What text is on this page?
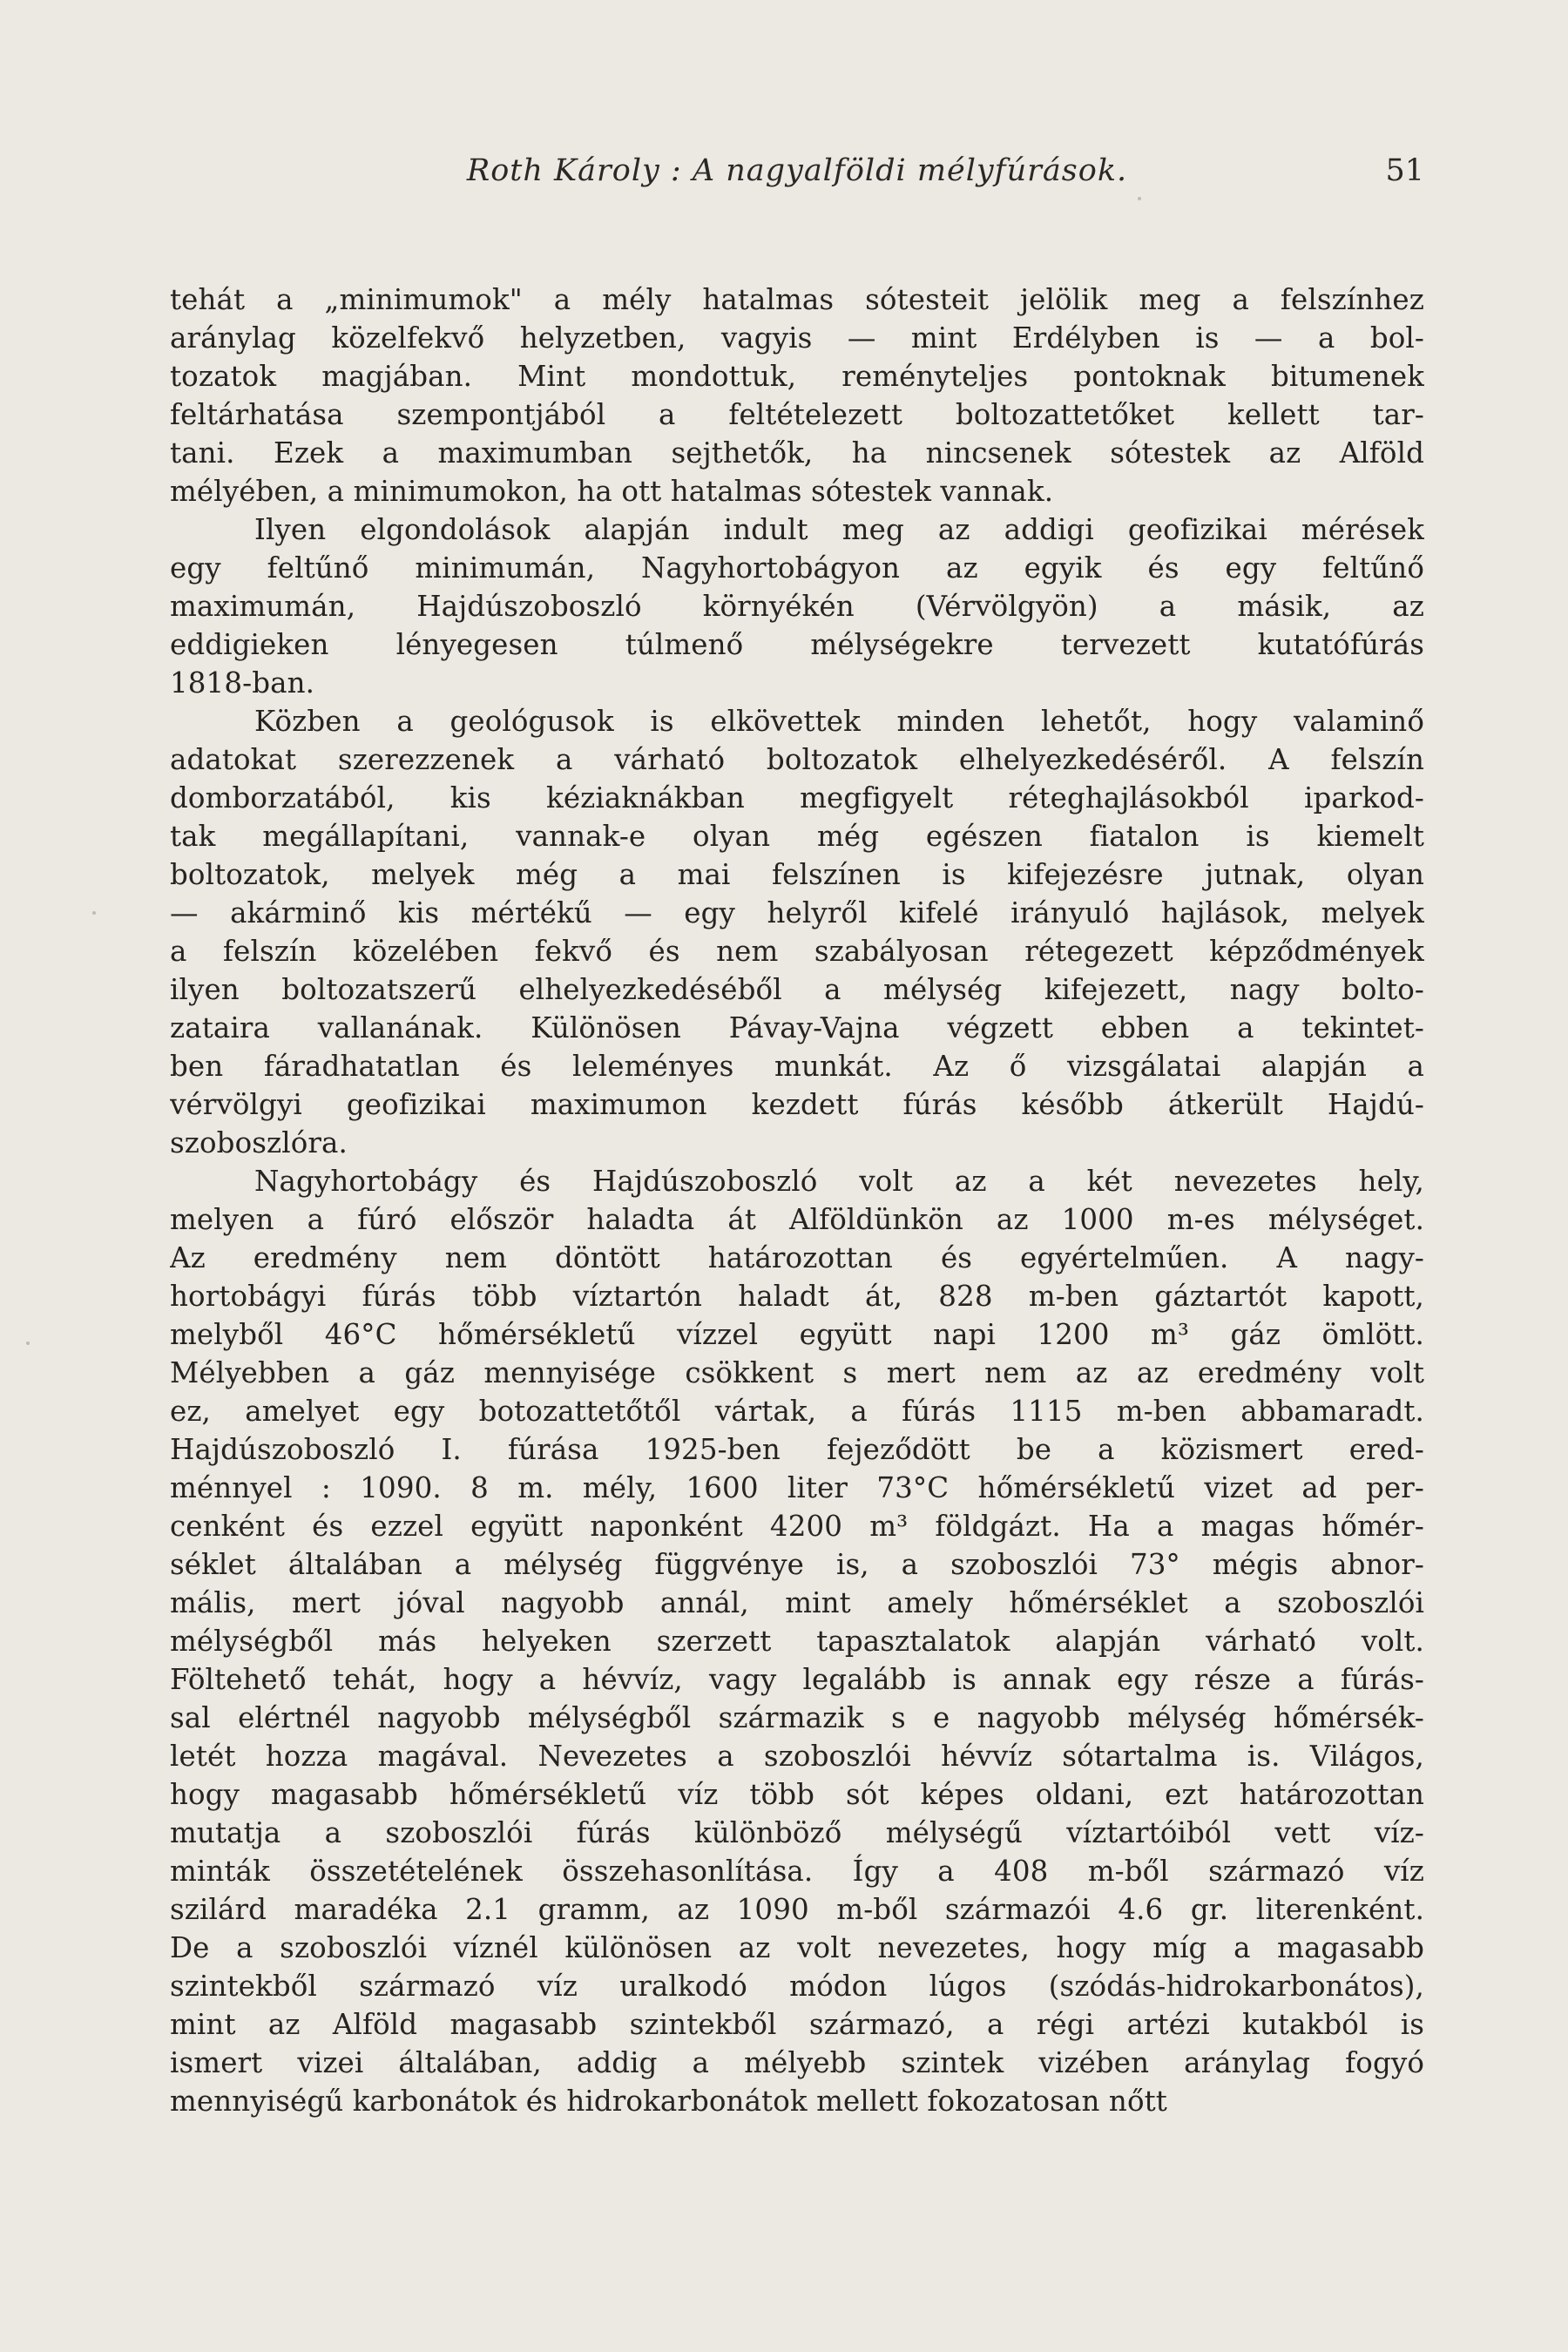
Roth Károly : A nagyalföldi mélyfúrások.	51
tehát a „minimumok" a mély hatalmas sótesteit jelölik meg a felszínhez
aránylag közelfekvő helyzetben, vagyis — mint Erdélyben is — a bol-
tozatok magjában. Mint mondottuk, reményteljes pontoknak bitumenek
feltárhatása szempontjából a feltételezett boltozattetőket kellett tar-
tani. Ezek a maximumban sejthetők, ha nincsenek sótestek az Alföld
mélyében, a minimumokon, ha ott hatalmas sótestek vannak.
Ilyen elgondolások alapján indult meg az addigi geofizikai mérések
egy feltűnő minimumán, Nagyhortobágyon az egyik és egy feltűnő
maximumán, Hajdúszoboszló környékén (Vérvölgyön) a másik, az
eddigieken lényegesen túlmenő mélységekre tervezett kutatófúrás
1818-ban.
Közben a geológusok is elkövettek minden lehetőt, hogy valaminő
adatokat szerezzenek a várható boltozatok elhelyezkedéséről. A felszín
domborzatából, kis kéziaknákban megfigyelt réteghajlásokból iparkod-
tak megállapítani, vannak-e olyan még egészen fiatalon is kiemelt
boltozatok, melyek még a mai felszínen is kifejezésre jutnak, olyan
— akárminő kis mértékű — egy helyről kifelé irányuló hajlások, melyek
a felszín közelében fekvő és nem szabályosan rétegezett képződmények
ilyen boltozatszerű elhelyezkedéséből a mélység kifejezett, nagy bolto-
zataira vallanának. Különösen Pávay-Vajna végzett ebben a tekintet-
ben fáradhatatlan és leleményes munkát. Az ő vizsgálatai alapján a
vérvölgyi geofizikai maximumon kezdett fúrás később átkerült Hajdú-
szoboszlóra.
Nagyhortobágy és Hajdúszoboszló volt az a két nevezetes hely,
melyen a fúró először haladta át Alföldünkön az 1000 m-es mélységet.
Az eredmény nem döntött határozottan és egyértelműen. A nagy-
hortobágyi fúrás több víztartón haladt át, 828 m-ben gáztartót kapott,
melyből 46°C hőmérsékletű vízzel együtt napi 1200 m³ gáz ömlött.
Mélyebben a gáz mennyisége csökkent s mert nem az az eredmény volt
ez, amelyet egy botozattetőtől vártak, a fúrás 1115 m-ben abbamaradt.
Hajdúszoboszló I. fúrása 1925-ben fejeződött be a közismert ered-
ménnyel : 1090. 8 m. mély, 1600 liter 73°C hőmérsékletű vizet ad per-
cenként és ezzel együtt naponként 4200 m³ földgázt. Ha a magas hőmér-
séklet általában a mélység függvénye is, a szoboszlói 73° mégis abnor-
mális, mert jóval nagyobb annál, mint amely hőmérséklet a szoboszlói
mélységből más helyeken szerzett tapasztalatok alapján várható volt.
Föltehető tehát, hogy a hévvíz, vagy legalább is annak egy része a fúrás-
sal elértnél nagyobb mélységből származik s e nagyobb mélység hőmérsék-
letét hozza magával. Nevezetes a szoboszlói hévvíz sótartalma is. Világos,
hogy magasabb hőmérsékletű víz több sót képes oldani, ezt határozottan
mutatja a szoboszlói fúrás különböző mélységű víztartóiból vett víz-
minták összetételének összehasonlítása. Így a 408 m-ből származó víz
szilárd maradéka 2.1 gramm, az 1090 m-ből származói 4.6 gr. literenként.
De a szoboszlói víznél különösen az volt nevezetes, hogy míg a magasabb
szintekből származó víz uralkodó módon lúgos (szódás-hidrokarbonátos),
mint az Alföld magasabb szintekből származó, a régi artézi kutakból is
ismert vizei általában, addig a mélyebb szintek vizében aránylag fogyó
mennyiségű karbonátok és hidrokarbonátok mellett fokozatosan nőtt
